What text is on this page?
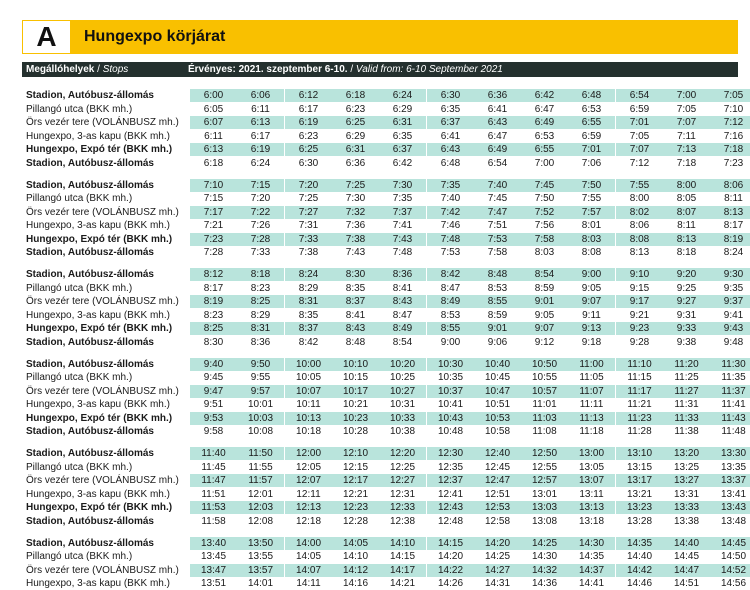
A	Hungexpo körjárat
Megállóhelyek / Stops	Érvényes: 2021. szeptember 6-10. / Valid from: 6-10 September 2021
Stadion, Autóbusz-állomás	6:00	6:06	6:12	6:18	6:24	6:30	6:36	6:42	6:48	6:54	7:00	7:05
Pillangó utca (BKK mh.)	6:05	6:11	6:17	6:23	6:29	6:35	6:41	6:47	6:53	6:59	7:05	7:10
Örs vezér tere (VOLÁNBUSZ mh.)	6:07	6:13	6:19	6:25	6:31	6:37	6:43	6:49	6:55	7:01	7:07	7:12
Hungexpo, 3-as kapu (BKK mh.)	6:11	6:17	6:23	6:29	6:35	6:41	6:47	6:53	6:59	7:05	7:11	7:16
Hungexpo, Expó tér (BKK mh.)	6:13	6:19	6:25	6:31	6:37	6:43	6:49	6:55	7:01	7:07	7:13	7:18
Stadion, Autóbusz-állomás	6:18	6:24	6:30	6:36	6:42	6:48	6:54	7:00	7:06	7:12	7:18	7:23
Stadion, Autóbusz-állomás	7:10	7:15	7:20	7:25	7:30	7:35	7:40	7:45	7:50	7:55	8:00	8:06
Pillangó utca (BKK mh.)	7:15	7:20	7:25	7:30	7:35	7:40	7:45	7:50	7:55	8:00	8:05	8:11
Örs vezér tere (VOLÁNBUSZ mh.)	7:17	7:22	7:27	7:32	7:37	7:42	7:47	7:52	7:57	8:02	8:07	8:13
Hungexpo, 3-as kapu (BKK mh.)	7:21	7:26	7:31	7:36	7:41	7:46	7:51	7:56	8:01	8:06	8:11	8:17
Hungexpo, Expó tér (BKK mh.)	7:23	7:28	7:33	7:38	7:43	7:48	7:53	7:58	8:03	8:08	8:13	8:19
Stadion, Autóbusz-állomás	7:28	7:33	7:38	7:43	7:48	7:53	7:58	8:03	8:08	8:13	8:18	8:24
Stadion, Autóbusz-állomás	8:12	8:18	8:24	8:30	8:36	8:42	8:48	8:54	9:00	9:10	9:20	9:30
Pillangó utca (BKK mh.)	8:17	8:23	8:29	8:35	8:41	8:47	8:53	8:59	9:05	9:15	9:25	9:35
Örs vezér tere (VOLÁNBUSZ mh.)	8:19	8:25	8:31	8:37	8:43	8:49	8:55	9:01	9:07	9:17	9:27	9:37
Hungexpo, 3-as kapu (BKK mh.)	8:23	8:29	8:35	8:41	8:47	8:53	8:59	9:05	9:11	9:21	9:31	9:41
Hungexpo, Expó tér (BKK mh.)	8:25	8:31	8:37	8:43	8:49	8:55	9:01	9:07	9:13	9:23	9:33	9:43
Stadion, Autóbusz-állomás	8:30	8:36	8:42	8:48	8:54	9:00	9:06	9:12	9:18	9:28	9:38	9:48
Stadion, Autóbusz-állomás	9:40	9:50	10:00	10:10	10:20	10:30	10:40	10:50	11:00	11:10	11:20	11:30
Pillangó utca (BKK mh.)	9:45	9:55	10:05	10:15	10:25	10:35	10:45	10:55	11:05	11:15	11:25	11:35
Örs vezér tere (VOLÁNBUSZ mh.)	9:47	9:57	10:07	10:17	10:27	10:37	10:47	10:57	11:07	11:17	11:27	11:37
Hungexpo, 3-as kapu (BKK mh.)	9:51	10:01	10:11	10:21	10:31	10:41	10:51	11:01	11:11	11:21	11:31	11:41
Hungexpo, Expó tér (BKK mh.)	9:53	10:03	10:13	10:23	10:33	10:43	10:53	11:03	11:13	11:23	11:33	11:43
Stadion, Autóbusz-állomás	9:58	10:08	10:18	10:28	10:38	10:48	10:58	11:08	11:18	11:28	11:38	11:48
Stadion, Autóbusz-állomás	11:40	11:50	12:00	12:10	12:20	12:30	12:40	12:50	13:00	13:10	13:20	13:30
Pillangó utca (BKK mh.)	11:45	11:55	12:05	12:15	12:25	12:35	12:45	12:55	13:05	13:15	13:25	13:35
Örs vezér tere (VOLÁNBUSZ mh.)	11:47	11:57	12:07	12:17	12:27	12:37	12:47	12:57	13:07	13:17	13:27	13:37
Hungexpo, 3-as kapu (BKK mh.)	11:51	12:01	12:11	12:21	12:31	12:41	12:51	13:01	13:11	13:21	13:31	13:41
Hungexpo, Expó tér (BKK mh.)	11:53	12:03	12:13	12:23	12:33	12:43	12:53	13:03	13:13	13:23	13:33	13:43
Stadion, Autóbusz-állomás	11:58	12:08	12:18	12:28	12:38	12:48	12:58	13:08	13:18	13:28	13:38	13:48
Stadion, Autóbusz-állomás	13:40	13:50	14:00	14:05	14:10	14:15	14:20	14:25	14:30	14:35	14:40	14:45
Pillangó utca (BKK mh.)	13:45	13:55	14:05	14:10	14:15	14:20	14:25	14:30	14:35	14:40	14:45	14:50
Örs vezér tere (VOLÁNBUSZ mh.)	13:47	13:57	14:07	14:12	14:17	14:22	14:27	14:32	14:37	14:42	14:47	14:52
Hungexpo, 3-as kapu (BKK mh.)	13:51	14:01	14:11	14:16	14:21	14:26	14:31	14:36	14:41	14:46	14:51	14:56
